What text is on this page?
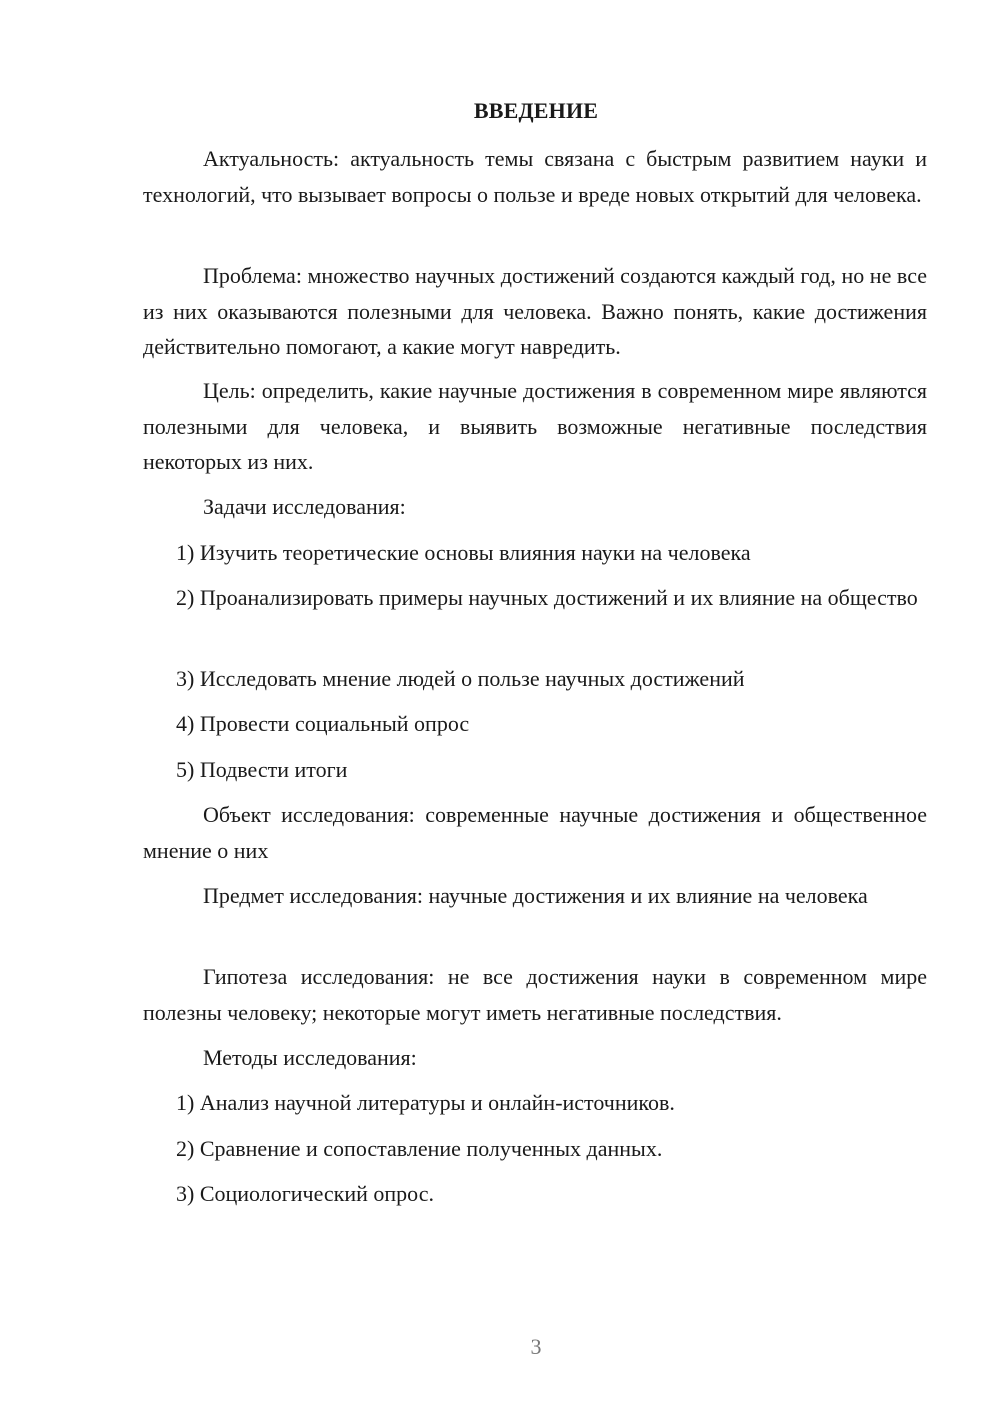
ВВЕДЕНИЕ

Актуальность: актуальность темы связана с быстрым развитием науки и технологий, что вызывает вопросы о пользе и вреде новых открытий для человека.

Проблема: множество научных достижений создаются каждый год, но не все из них оказываются полезными для человека. Важно понять, какие достижения действительно помогают, а какие могут навредить.

Цель: определить, какие научные достижения в современном мире являются полезными для человека, и выявить возможные негативные последствия некоторых из них.

Задачи исследования:

1) Изучить теоретические основы влияния науки на человека

2) Проанализировать примеры научных достижений и их влияние на общество

3) Исследовать мнение людей о пользе научных достижений

4) Провести социальный опрос

5) Подвести итоги

Объект исследования: современные научные достижения и общественное мнение о них

Предмет исследования: научные достижения и их влияние на человека

Гипотеза исследования: не все достижения науки в современном мире полезны человеку; некоторые могут иметь негативные последствия.

Методы исследования:

1) Анализ научной литературы и онлайн-источников.

2) Сравнение и сопоставление полученных данных.

3) Социологический опрос.

3
